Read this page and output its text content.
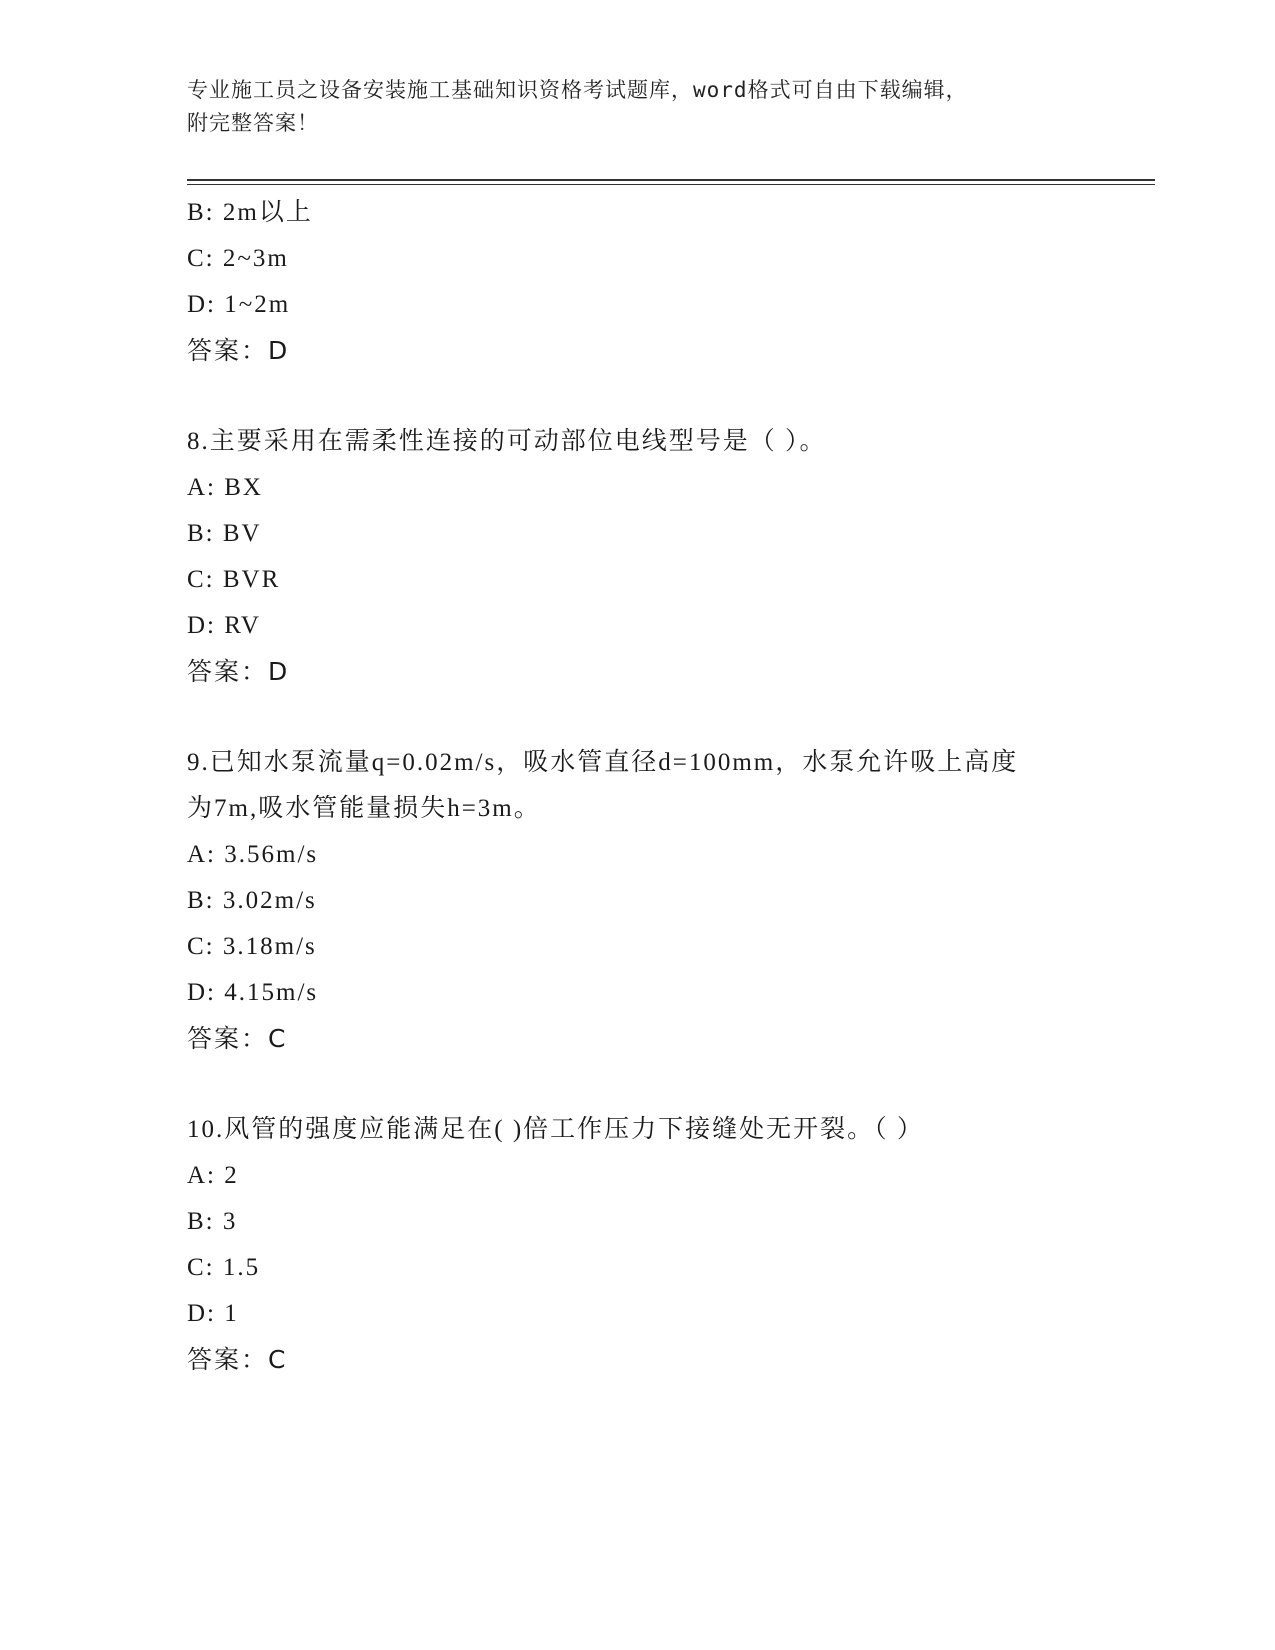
专业施工员之设备安装施工基础知识资格考试题库，word格式可自由下载编辑，
附完整答案！
B: 2m以上
C: 2~3m
D: 1~2m
答案：D
8.主要采用在需柔性连接的可动部位电线型号是（ ）。
A: BX
B: BV
C: BVR
D: RV
答案：D
9.已知水泵流量q=0.02m/s，吸水管直径d=100mm，水泵允许吸上高度
为7m,吸水管能量损失h=3m。
A: 3.56m/s
B: 3.02m/s
C: 3.18m/s
D: 4.15m/s
答案：C
10.风管的强度应能满足在( )倍工作压力下接缝处无开裂。（ ）
A: 2
B: 3
C: 1.5
D: 1
答案：C
